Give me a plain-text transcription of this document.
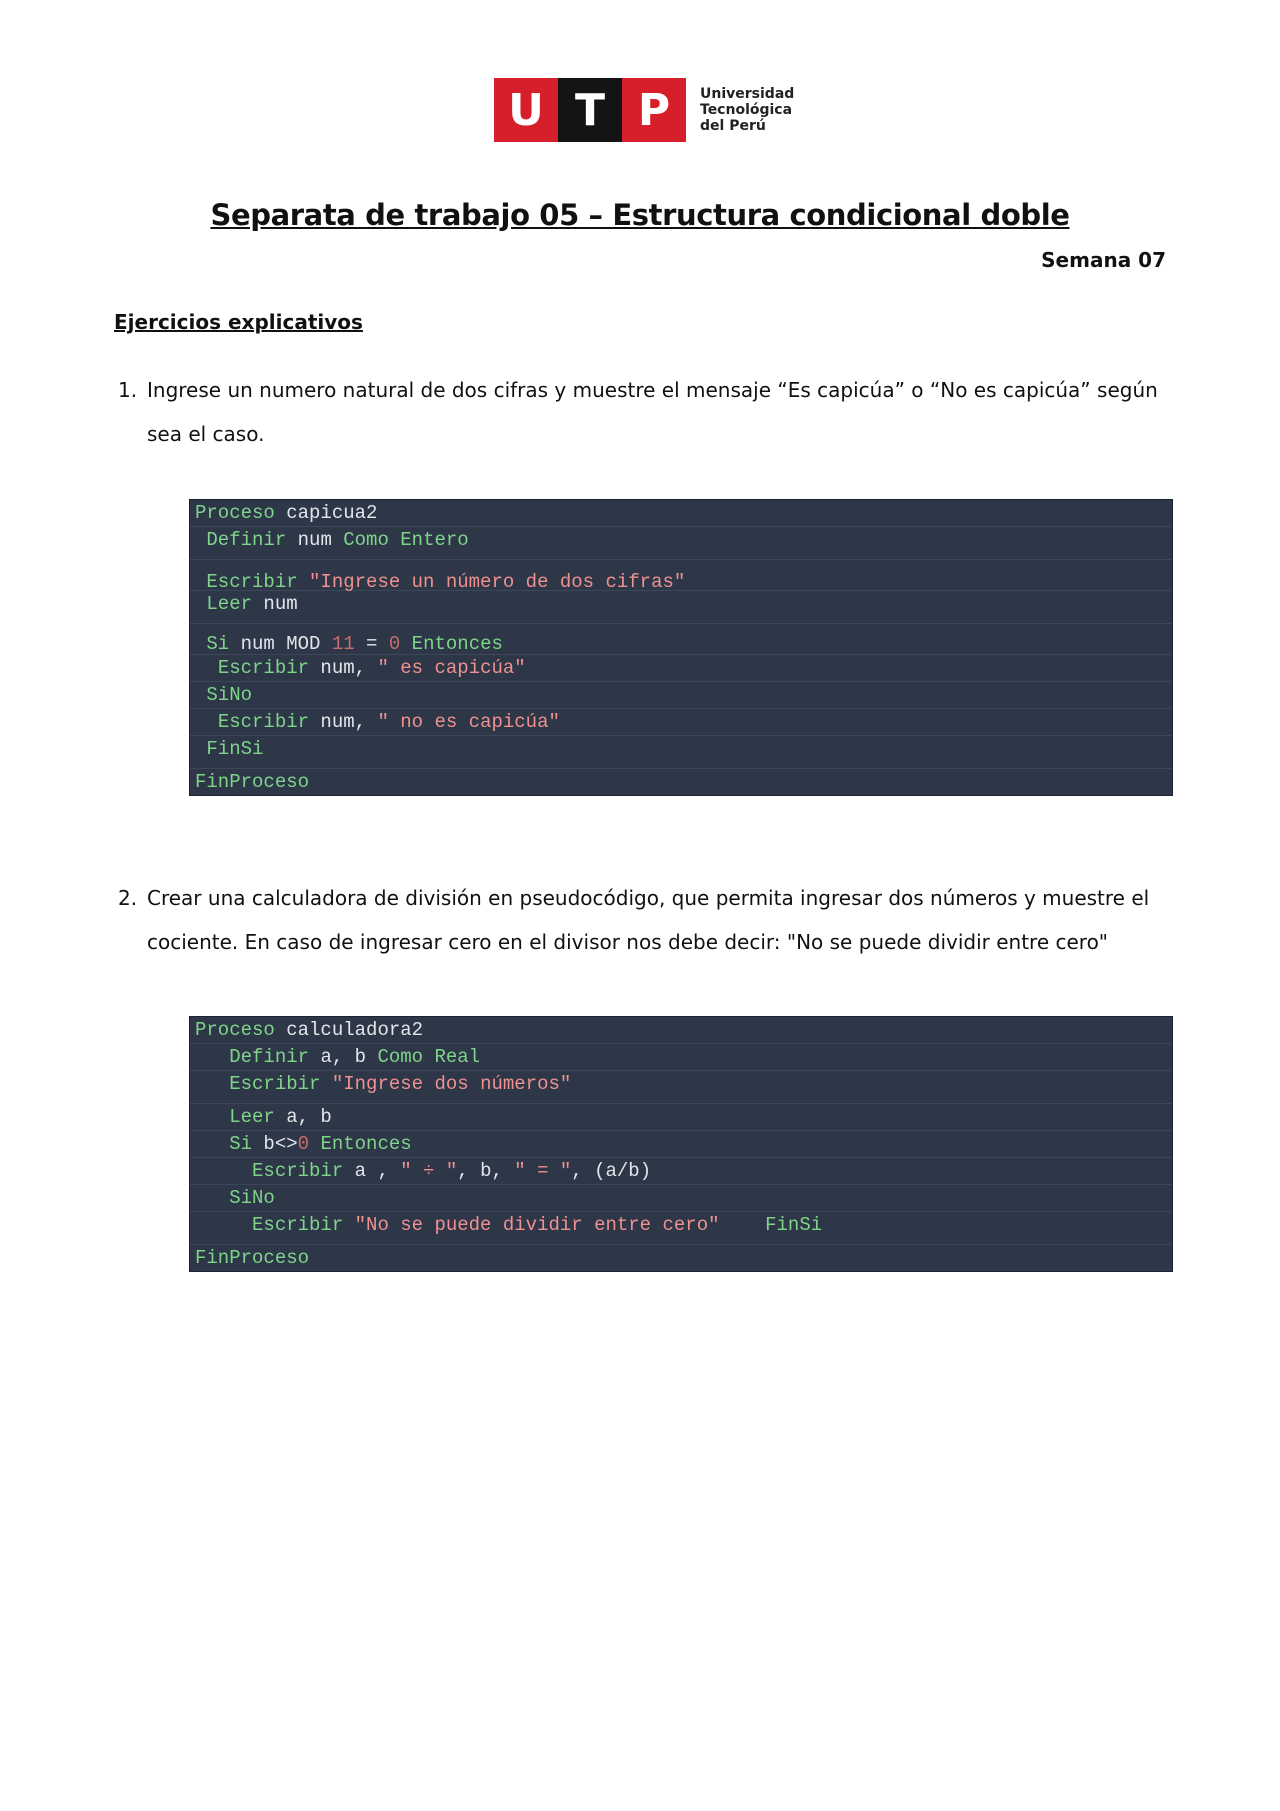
U T P	Universidad
Tecnológica
del Perú
Separata de trabajo 05 – Estructura condicional doble
Semana 07
Ejercicios explicativos
1. Ingrese un numero natural de dos cifras y muestre el mensaje “Es capicúa” o “No es capicúa” según sea el caso.
Proceso capicua2
Definir num Como Entero
Escribir "Ingrese un número de dos cifras"
Leer num
Si num MOD 11 = 0 Entonces
Escribir num, " es capicúa"
SiNo
Escribir num, " no es capicúa"
FinSi
FinProceso
2. Crear una calculadora de división en pseudocódigo, que permita ingresar dos números y muestre el cociente. En caso de ingresar cero en el divisor nos debe decir: "No se puede dividir entre cero"
Proceso calculadora2
Definir a, b Como Real
Escribir "Ingrese dos números"
Leer a, b
Si b<>0 Entonces
Escribir a , " ÷ ", b, " = ", (a/b)
SiNo
Escribir "No se puede dividir entre cero"    FinSi
FinProceso
